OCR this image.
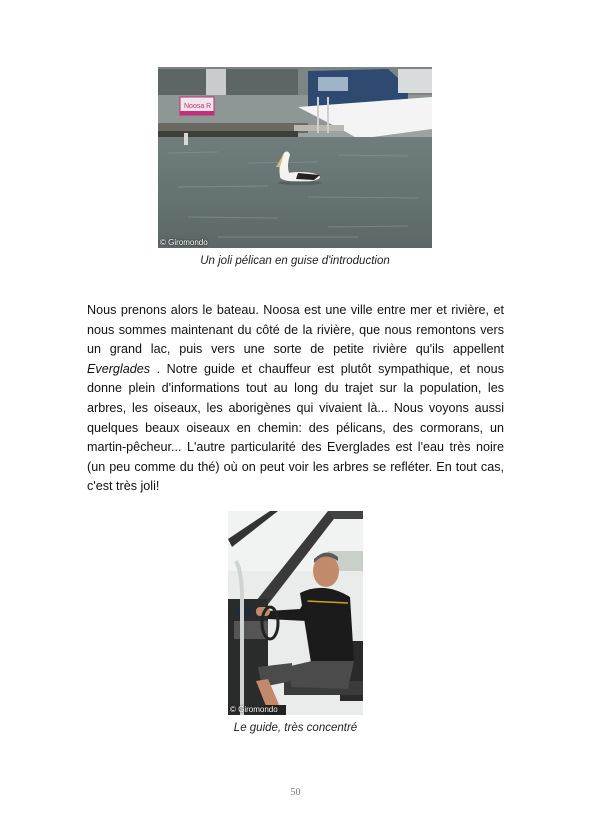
Noosa R
© Giromondo
Un joli pélican en guise d'introduction

Nous prenons alors le bateau. Noosa est une ville entre mer et rivière, et nous sommes maintenant du côté de la rivière, que nous remontons vers un grand lac, puis vers une sorte de petite rivière qu'ils appellent Everglades . Notre guide et chauffeur est plutôt sympathique, et nous donne plein d'informations tout au long du trajet sur la population, les arbres, les oiseaux, les aborigènes qui vivaient là... Nous voyons aussi quelques beaux oiseaux en chemin: des pélicans, des cormorans, un martin-pêcheur... L'autre particularité des Everglades est l'eau très noire (un peu comme du thé) où on peut voir les arbres se refléter. En tout cas, c'est très joli!

© Giromondo
Le guide, très concentré
50
